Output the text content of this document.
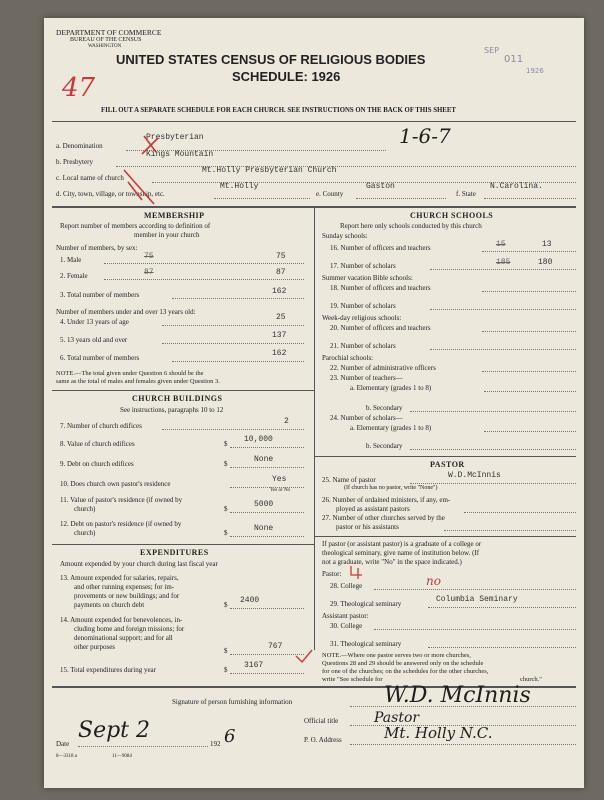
DEPARTMENT OF COMMERCE
BUREAU OF THE CENSUS
WASHINGTON
UNITED STATES CENSUS OF RELIGIOUS BODIES
SCHEDULE: 1926
47
SEP
011
1926
FILL OUT A SEPARATE SCHEDULE FOR EACH CHURCH. SEE INSTRUCTIONS ON THE BACK OF THIS SHEET
a. Denomination
Presbyterian	1-6-7
b. Presbytery
Kings Mountain
c. Local name of church
Mt.Holly Presbyterian Church
d. City, town, village, or township, etc.
Mt.Holly
e. County
Gaston
f. State
N.Carolina.
MEMBERSHIP
Report number of members according to definition of
member in your church
Number of members, by sex:
1. Male	75	75
2. Female	87	87
3. Total number of members	162
Number of members under and over 13 years old:
4. Under 13 years of age	25
5. 13 years old and over	137
6. Total number of members	162
NOTE.—The total given under Question 6 should be the
same as the total of males and females given under Question 3.
CHURCH BUILDINGS
See instructions, paragraphs 10 to 12
7. Number of church edifices	2
8. Value of church edifices	$ 10,000
9. Debt on church edifices	$	None
10. Does church own pastor's residence	Yes
Yes or No
11. Value of pastor's residence (if owned by
church)	$	5000
12. Debt on pastor's residence (if owned by
church)	$	None
EXPENDITURES
Amount expended by your church during last fiscal year
13. Amount expended for salaries, repairs,
and other running expenses; for im-
provements or new buildings; and for
payments on church debt	$ 2400
14. Amount expended for benevolences, in-
cluding home and foreign missions; for
denominational support; and for all
other purposes	$	767
15. Total expenditures during year	$ 3167
CHURCH SCHOOLS
Report here only schools conducted by this church
Sunday schools:
16. Number of officers and teachers	15	13
17. Number of scholars	185	180
Summer vacation Bible schools:
18. Number of officers and teachers
19. Number of scholars
Week-day religious schools:
20. Number of officers and teachers
21. Number of scholars
Parochial schools:
22. Number of administrative officers
23. Number of teachers—
a. Elementary (grades 1 to 8)
b. Secondary
24. Number of scholars—
a. Elementary (grades 1 to 8)
b. Secondary
PASTOR
25. Name of pastor	W.D.McInnis
(If church has no pastor, write "None")
26. Number of ordained ministers, if any, em-
ployed as assistant pastors
27. Number of other churches served by the
pastor or his assistants
If pastor (or assistant pastor) is a graduate of a college or
theological seminary, give name of institution below. (If
not a graduate, write "No" in the space indicated.)
Pastor:
28. College	no
29. Theological seminary	Columbia Seminary
Assistant pastor:
30. College
31. Theological seminary
NOTE.—Where one pastor serves two or more churches,
Questions 28 and 29 should be answered only on the schedule
for one of the churches; on the schedules for the other churches,
write "See schedule for	church."
Signature of person furnishing information	W.D. McInnis
Official title	Pastor
P. O. Address	Mt. Holly N.C.
Date
Sept 2
192 6
8—3318 a	11—9084
